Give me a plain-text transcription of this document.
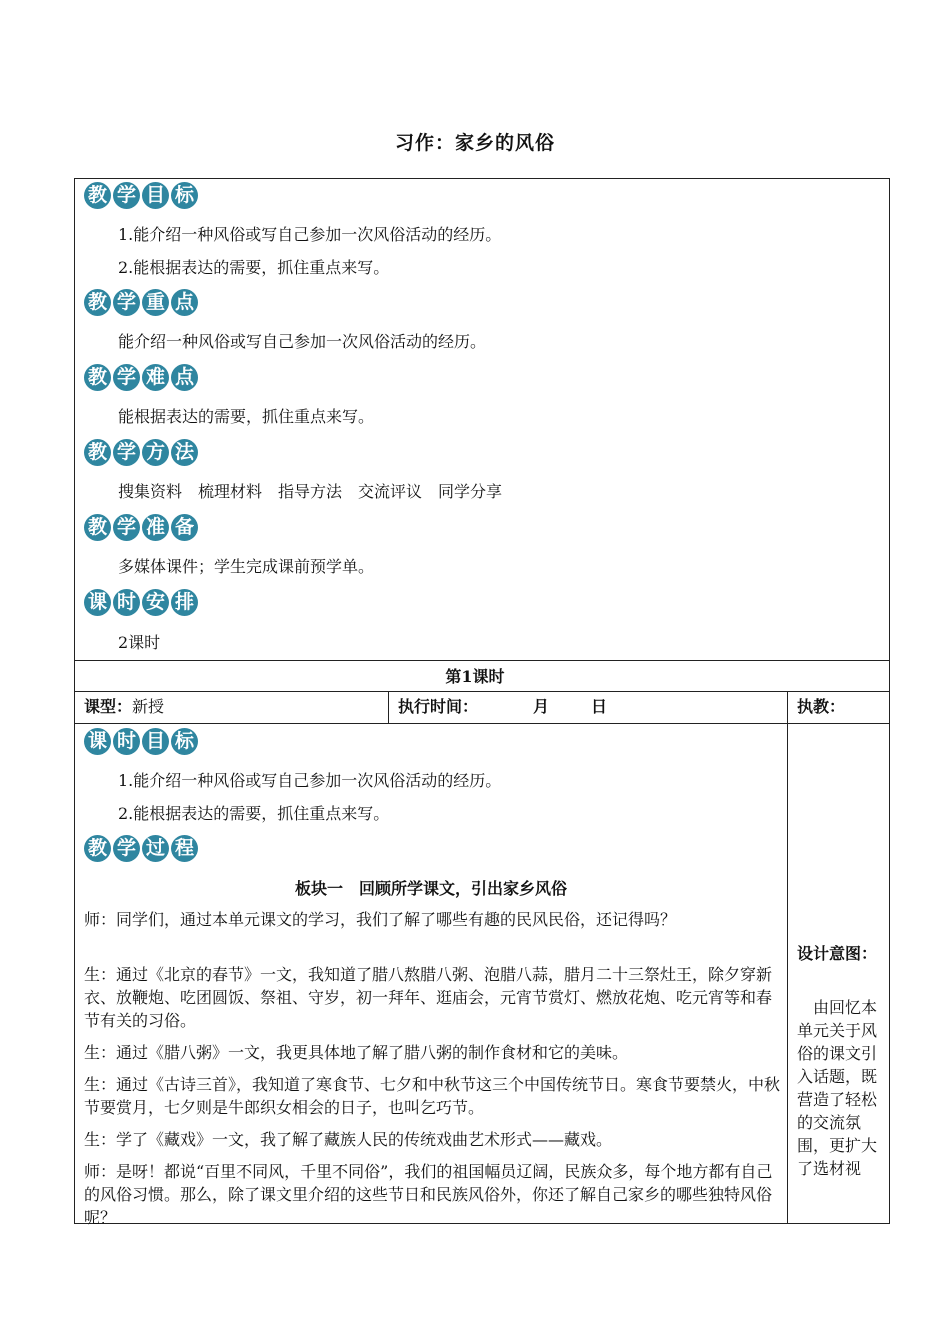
习作：家乡的风俗
教 学 目 标
1.能介绍一种风俗或写自己参加一次风俗活动的经历。
2.能根据表达的需要，抓住重点来写。
教 学 重 点
能介绍一种风俗或写自己参加一次风俗活动的经历。
教 学 难 点
能根据表达的需要，抓住重点来写。
教 学 方 法
搜集资料　梳理材料　指导方法　交流评议　同学分享
教 学 准 备
多媒体课件；学生完成课前预学单。
课 时 安 排
2课时
第1课时
课型：新授	执行时间：	月	日	执教：
课 时 目 标
1.能介绍一种风俗或写自己参加一次风俗活动的经历。
2.能根据表达的需要，抓住重点来写。
教 学 过 程
板块一　回顾所学课文，引出家乡风俗
师：同学们，通过本单元课文的学习，我们了解了哪些有趣的民风民俗，还记得吗？
生：通过《北京的春节》一文，我知道了腊八熬腊八粥、泡腊八蒜，腊月二十三祭灶王，除夕穿新衣、放鞭炮、吃团圆饭、祭祖、守岁，初一拜年、逛庙会，元宵节赏灯、燃放花炮、吃元宵等和春节有关的习俗。
生：通过《腊八粥》一文，我更具体地了解了腊八粥的制作食材和它的美味。
生：通过《古诗三首》，我知道了寒食节、七夕和中秋节这三个中国传统节日。寒食节要禁火，中秋节要赏月，七夕则是牛郎织女相会的日子，也叫乞巧节。
生：学了《藏戏》一文，我了解了藏族人民的传统戏曲艺术形式——藏戏。
师：是呀！都说“百里不同风，千里不同俗”，我们的祖国幅员辽阔，民族众多，每个地方都有自己的风俗习惯。那么，除了课文里介绍的这些节日和民族风俗外，你还了解自己家乡的哪些独特风俗呢？
设计意图：
　由回忆本单元关于风俗的课文引入话题，既营造了轻松的交流氛围，更扩大了选材视
